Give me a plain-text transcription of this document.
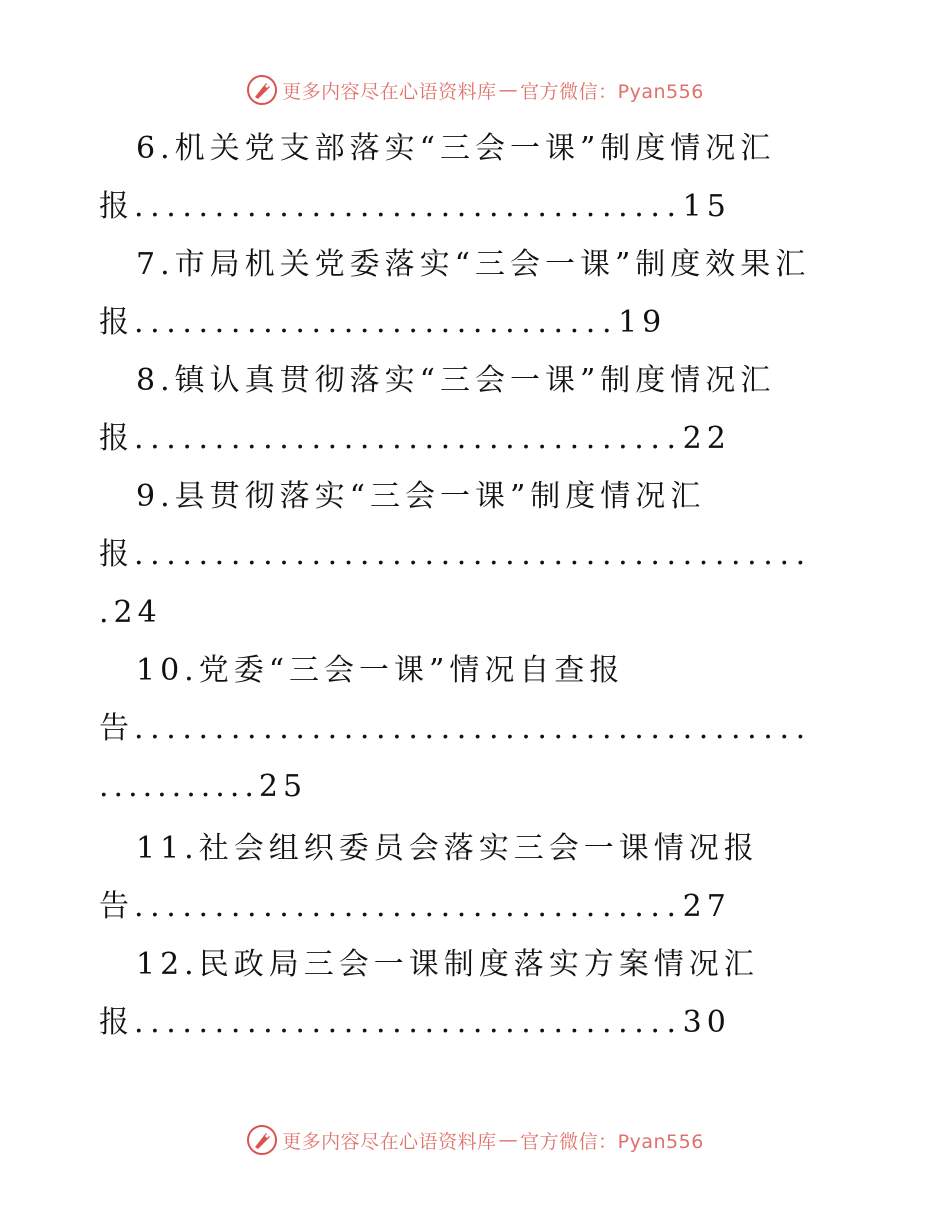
更多内容尽在心语资料库 — 官方微信：Pyan556
6.机关党支部落实“三会一课”制度情况汇
报..................................15
7.市局机关党委落实“三会一课”制度效果汇
报..............................19
8.镇认真贯彻落实“三会一课”制度情况汇
报..................................22
9.县贯彻落实“三会一课”制度情况汇
报..........................................
.24
10.党委“三会一课”情况自查报
告..........................................
...........25
11.社会组织委员会落实三会一课情况报
告..................................27
12.民政局三会一课制度落实方案情况汇
报..................................30
更多内容尽在心语资料库 — 官方微信：Pyan556
